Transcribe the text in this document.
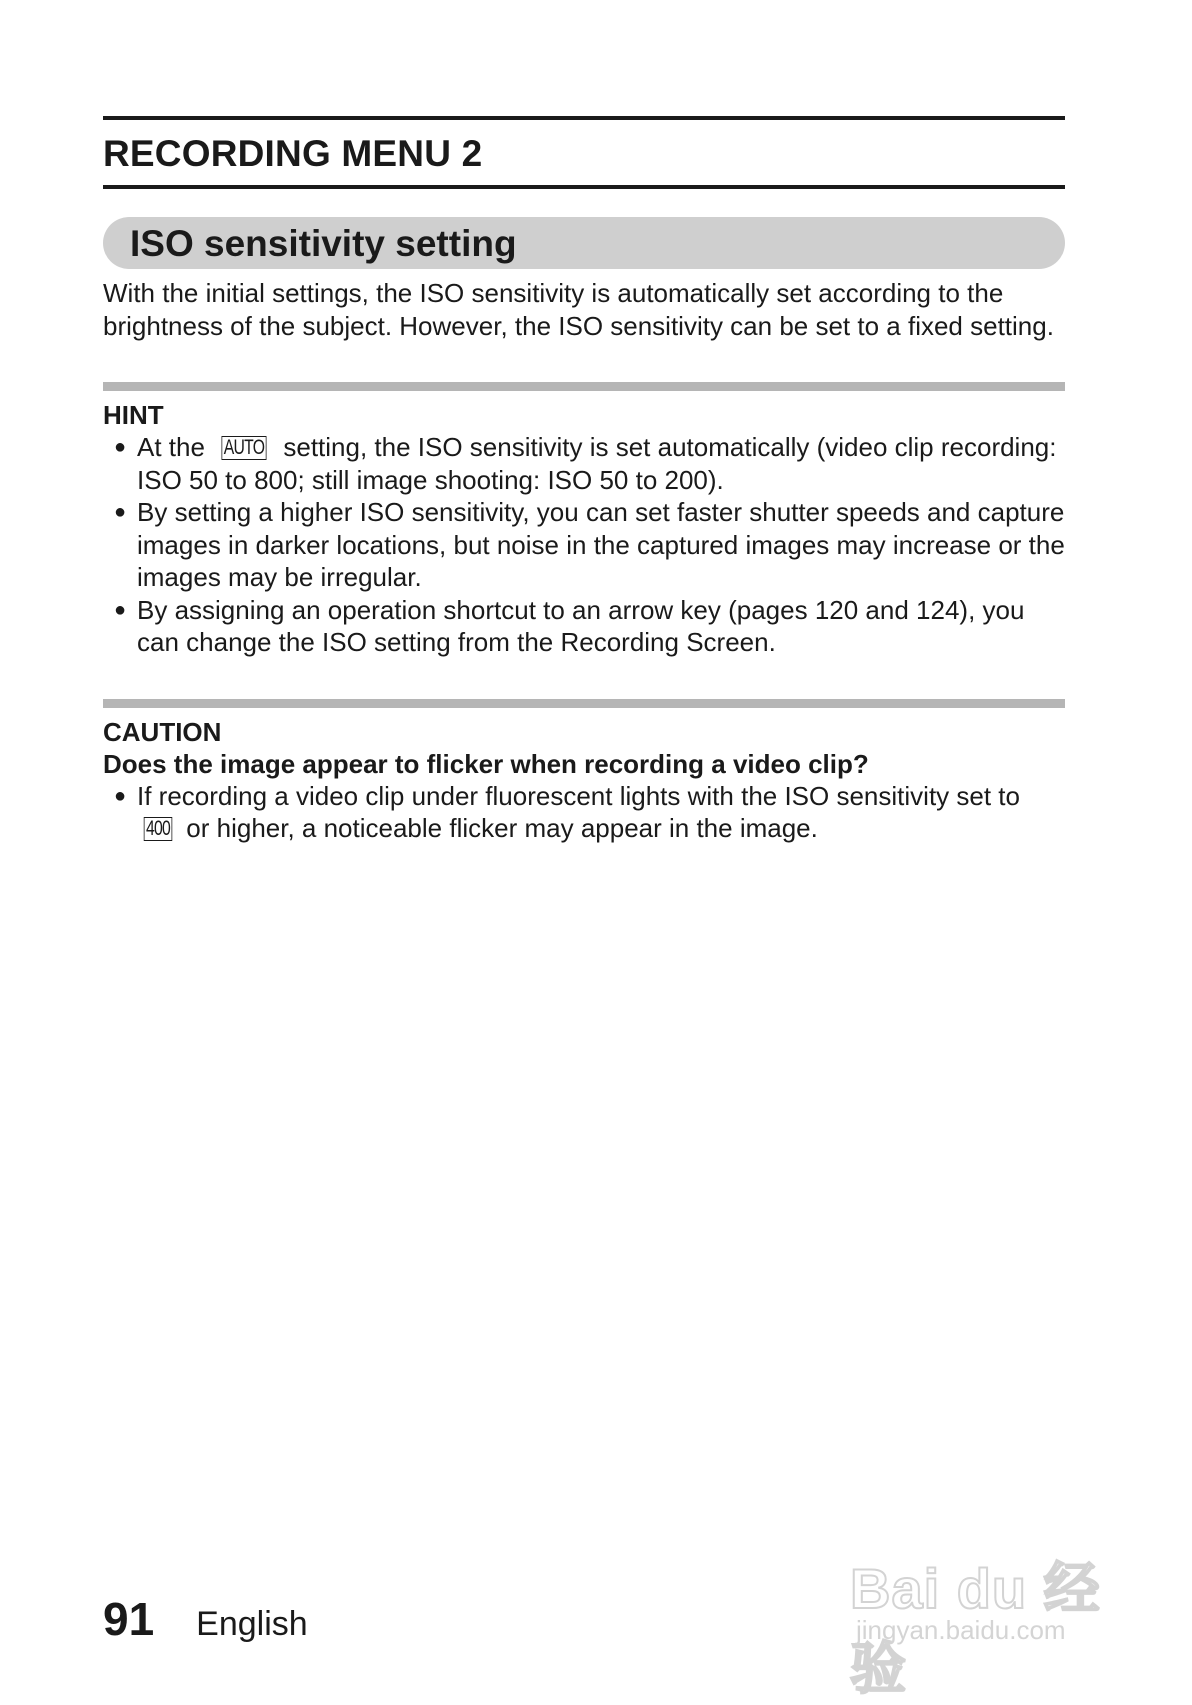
RECORDING MENU 2
ISO sensitivity setting
With the initial settings, the ISO sensitivity is automatically set according to the brightness of the subject. However, the ISO sensitivity can be set to a fixed setting.
HINT
● At the AUTO setting, the ISO sensitivity is set automatically (video clip recording: ISO 50 to 800; still image shooting: ISO 50 to 200).
● By setting a higher ISO sensitivity, you can set faster shutter speeds and capture images in darker locations, but noise in the captured images may increase or the images may be irregular.
● By assigning an operation shortcut to an arrow key (pages 120 and 124), you can change the ISO setting from the Recording Screen.
CAUTION
Does the image appear to flicker when recording a video clip?
● If recording a video clip under fluorescent lights with the ISO sensitivity set to 400 or higher, a noticeable flicker may appear in the image.
91 English
Bai du 经验
jingyan.baidu.com
